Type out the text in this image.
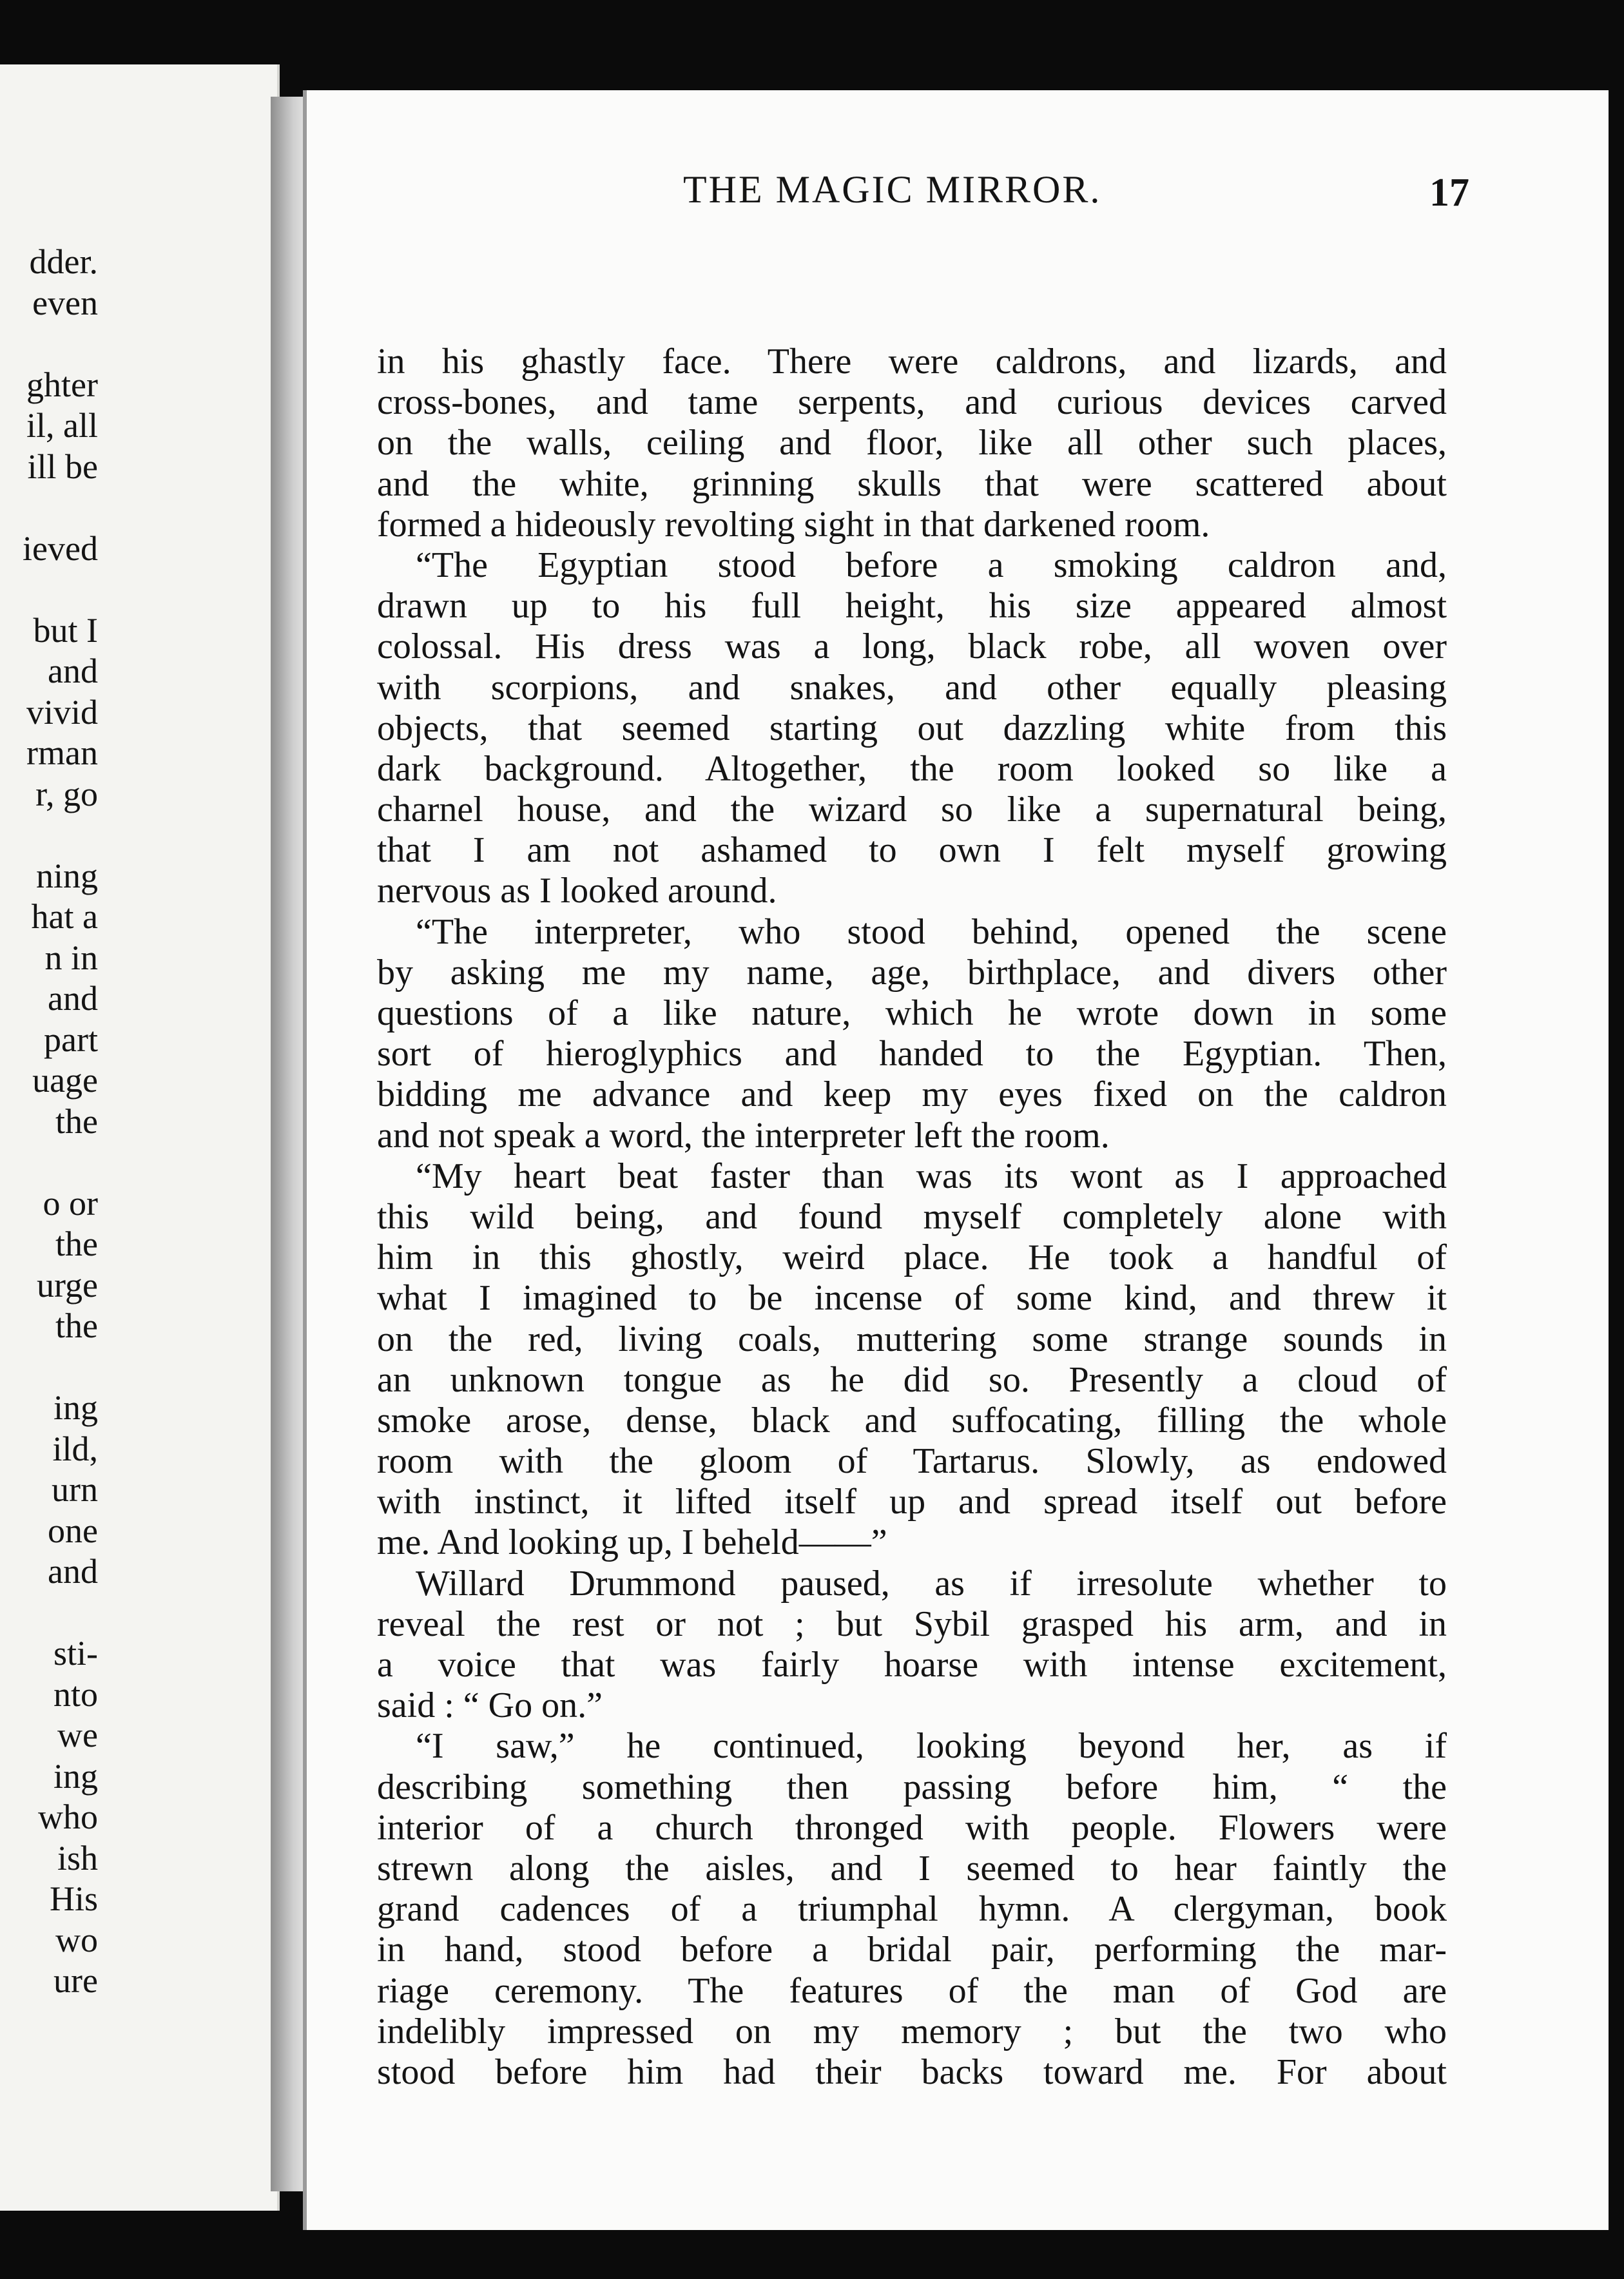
dder.
even
ghter
il, all
ill be
ieved
but I
and
vivid
rman
r, go
ning
hat a
n in
and
part
uage
the
o or
the
urge
the
ing
ild,
urn
one
and
sti-
nto
we
ing
who
ish
His
wo
ure
THE MAGIC MIRROR.	17
in his ghastly face. There were caldrons, and lizards, and
cross-bones, and tame serpents, and curious devices carved
on the walls, ceiling and floor, like all other such places,
and the white, grinning skulls that were scattered about
formed a hideously revolting sight in that darkened room.
“The Egyptian stood before a smoking caldron and,
drawn up to his full height, his size appeared almost
colossal. His dress was a long, black robe, all woven over
with scorpions, and snakes, and other equally pleasing
objects, that seemed starting out dazzling white from this
dark background. Altogether, the room looked so like a
charnel house, and the wizard so like a supernatural being,
that I am not ashamed to own I felt myself growing
nervous as I looked around.
“The interpreter, who stood behind, opened the scene
by asking me my name, age, birthplace, and divers other
questions of a like nature, which he wrote down in some
sort of hieroglyphics and handed to the Egyptian. Then,
bidding me advance and keep my eyes fixed on the caldron
and not speak a word, the interpreter left the room.
“My heart beat faster than was its wont as I approached
this wild being, and found myself completely alone with
him in this ghostly, weird place. He took a handful of
what I imagined to be incense of some kind, and threw it
on the red, living coals, muttering some strange sounds in
an unknown tongue as he did so. Presently a cloud of
smoke arose, dense, black and suffocating, filling the whole
room with the gloom of Tartarus. Slowly, as endowed
with instinct, it lifted itself up and spread itself out before
me. And looking up, I beheld——”
Willard Drummond paused, as if irresolute whether to
reveal the rest or not ; but Sybil grasped his arm, and in
a voice that was fairly hoarse with intense excitement,
said : “ Go on.”
“I saw,” he continued, looking beyond her, as if
describing something then passing before him, “ the
interior of a church thronged with people. Flowers were
strewn along the aisles, and I seemed to hear faintly the
grand cadences of a triumphal hymn. A clergyman, book
in hand, stood before a bridal pair, performing the mar-
riage ceremony. The features of the man of God are
indelibly impressed on my memory ; but the two who
stood before him had their backs toward me. For about
